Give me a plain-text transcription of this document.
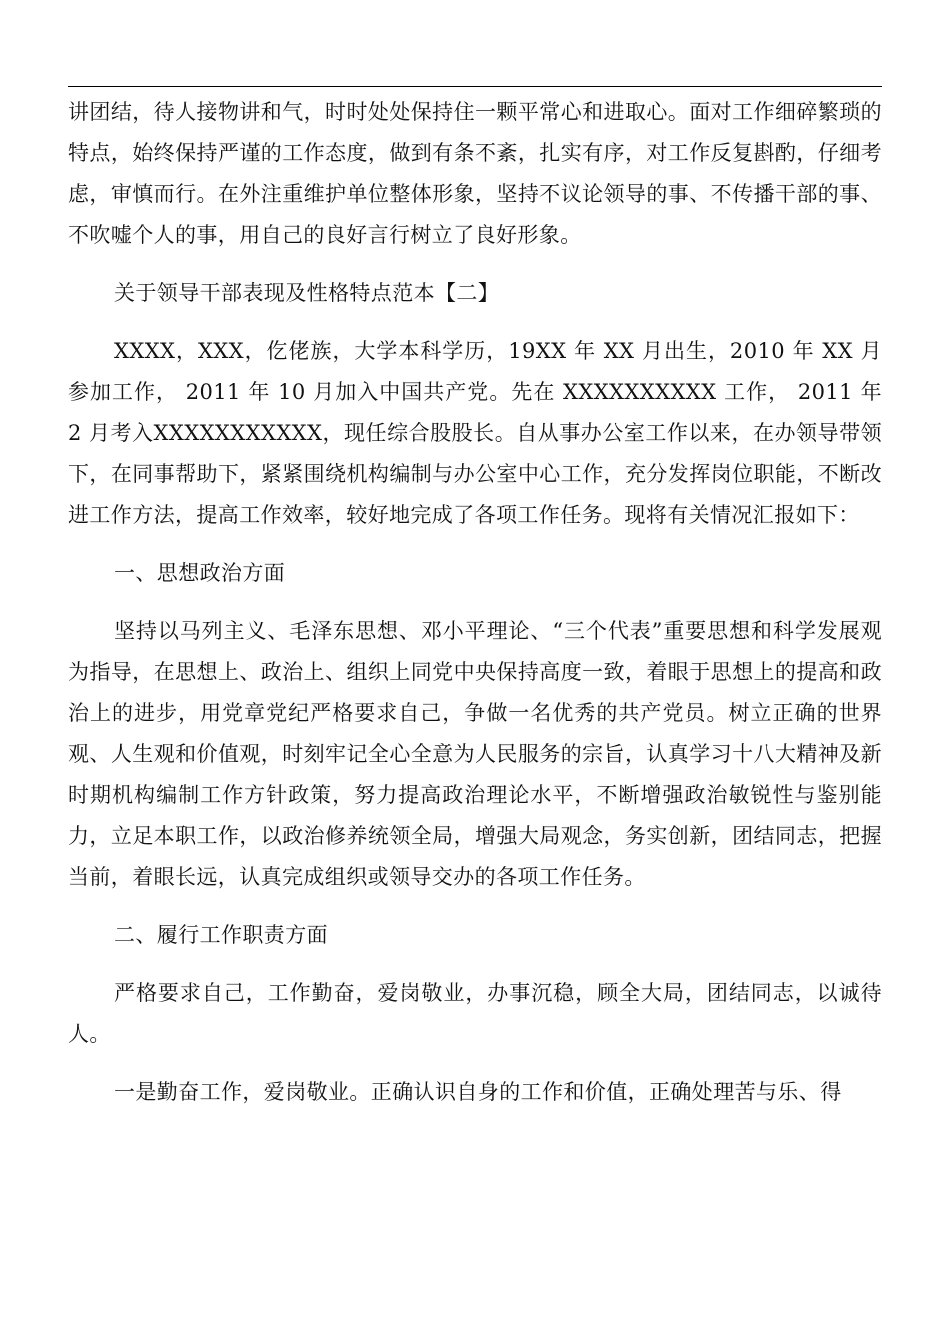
讲团结，待人接物讲和气，时时处处保持住一颗平常心和进取心。面对工作细碎繁琐的特点，始终保持严谨的工作态度，做到有条不紊，扎实有序，对工作反复斟酌，仔细考虑，审慎而行。在外注重维护单位整体形象，坚持不议论领导的事、不传播干部的事、不吹嘘个人的事，用自己的良好言行树立了良好形象。

关于领导干部表现及性格特点范本【二】

XXXX，XXX，仡佬族，大学本科学历，19XX 年 XX 月出生，2010 年 XX 月参加工作， 2011 年 10 月加入中国共产党。先在 XXXXXXXXXX 工作， 2011 年 2 月考入XXXXXXXXXXX，现任综合股股长。自从事办公室工作以来，在办领导带领下，在同事帮助下，紧紧围绕机构编制与办公室中心工作，充分发挥岗位职能，不断改进工作方法，提高工作效率，较好地完成了各项工作任务。现将有关情况汇报如下：

一、思想政治方面

坚持以马列主义、毛泽东思想、邓小平理论、“三个代表”重要思想和科学发展观为指导，在思想上、政治上、组织上同党中央保持高度一致，着眼于思想上的提高和政治上的进步，用党章党纪严格要求自己，争做一名优秀的共产党员。树立正确的世界观、人生观和价值观，时刻牢记全心全意为人民服务的宗旨，认真学习十八大精神及新时期机构编制工作方针政策，努力提高政治理论水平，不断增强政治敏锐性与鉴别能力，立足本职工作，以政治修养统领全局，增强大局观念，务实创新，团结同志，把握当前，着眼长远，认真完成组织或领导交办的各项工作任务。

二、履行工作职责方面

严格要求自己，工作勤奋，爱岗敬业，办事沉稳，顾全大局，团结同志，以诚待人。

一是勤奋工作，爱岗敬业。正确认识自身的工作和价值，正确处理苦与乐、得
